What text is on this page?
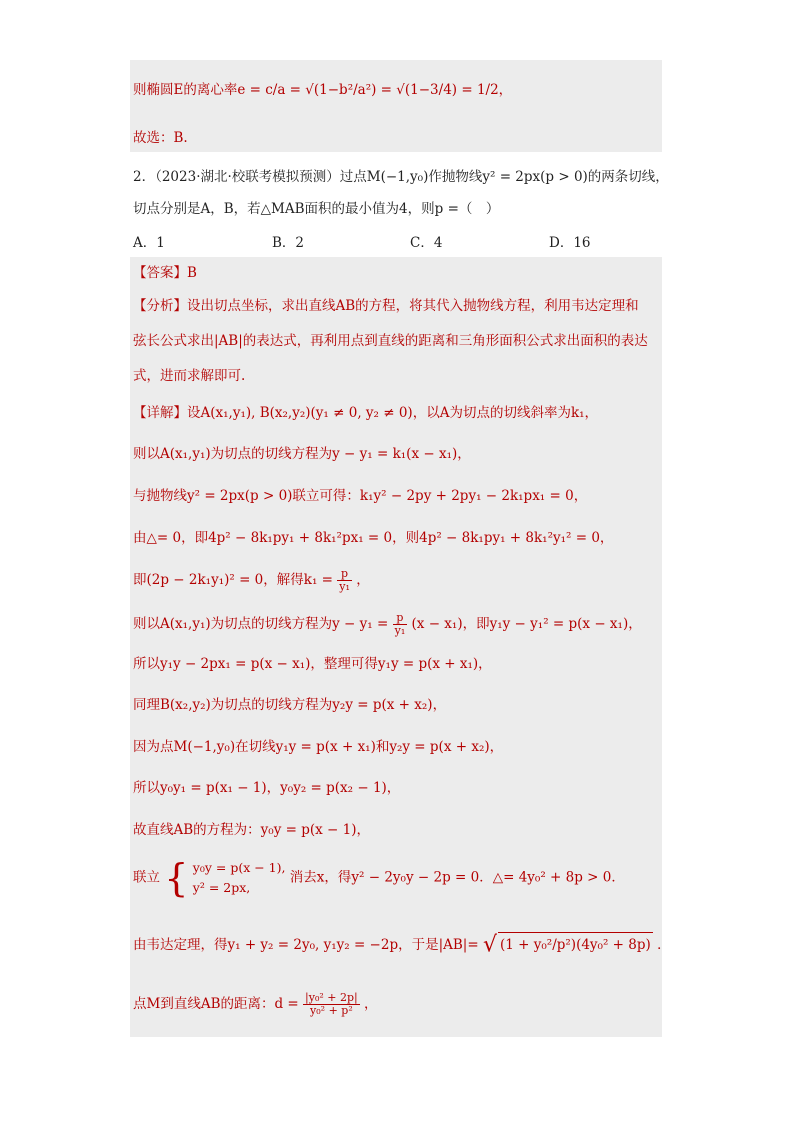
则椭圆E的离心率e = c/a = √(1−b²/a²) = √(1−3/4) = 1/2，
故选：B.
2．（2023·湖北·校联考模拟预测）过点M(−1,y₀)作抛物线y² = 2px(p > 0)的两条切线，
切点分别是A，B，若△MAB面积的最小值为4，则p =（　）
A．1	B．2	C．4	D．16
【答案】B
【分析】设出切点坐标，求出直线AB的方程，将其代入抛物线方程，利用韦达定理和
弦长公式求出|AB|的表达式，再利用点到直线的距离和三角形面积公式求出面积的表达
式，进而求解即可.
【详解】设A(x₁,y₁), B(x₂,y₂)(y₁ ≠ 0, y₂ ≠ 0)，以A为切点的切线斜率为k₁，
则以A(x₁,y₁)为切点的切线方程为y − y₁ = k₁(x − x₁)，
与抛物线y² = 2px(p > 0)联立可得：k₁y² − 2py + 2py₁ − 2k₁px₁ = 0，
由△= 0，即4p² − 8k₁py₁ + 8k₁²px₁ = 0，则4p² − 8k₁py₁ + 8k₁²y₁² = 0，
即(2p − 2k₁y₁)² = 0，解得$k_1 = \frac{p}{\text{y₁}}$ ，
则以A(x₁,y₁)为切点的切线方程为$y - y_1 = \frac{p}{\text{y₁}} (x - x_1)$，即y₁y − y₁² = p(x − x₁)，
所以y₁y − 2px₁ = p(x − x₁)，整理可得y₁y = p(x + x₁)，
同理B(x₂,y₂)为切点的切线方程为y₂y = p(x + x₂)，
因为点M(−1,y₀)在切线y₁y = p(x + x₁)和y₂y = p(x + x₂)，
所以y₀y₁ = p(x₁ − 1)，y₀y₂ = p(x₂ − 1)，
故直线AB的方程为：y₀y = p(x − 1)，
联立 { y₀y = p(x − 1),
y² = 2px,
消去x，得y² − 2y₀y − 2p = 0．△= 4y₀² + 8p > 0．
由韦达定理，得y₁ + y₂ = 2y₀, y₁y₂ = −2p，于是|AB|= √ (1 + y₀²/p²)(4y₀² + 8p) ．
点M到直线AB的距离：$d = \frac{\text{|y₀² + 2p|}}{\text{y₀² + p²}}$ ，
